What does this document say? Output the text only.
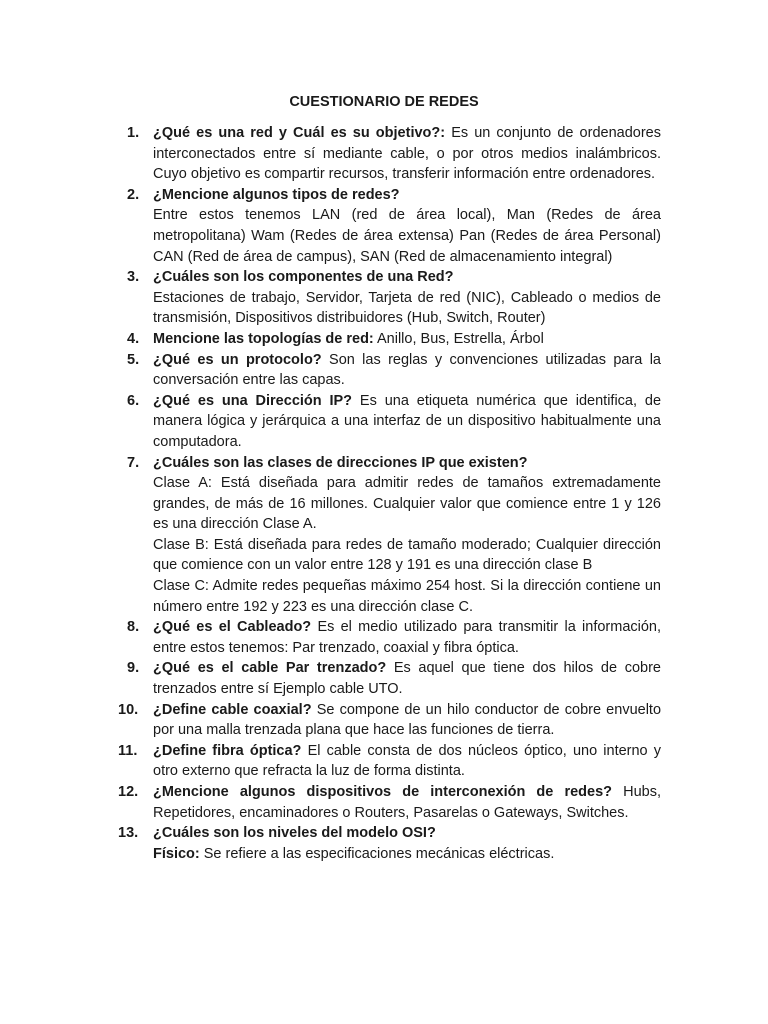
CUESTIONARIO DE REDES
1. ¿Qué es una red y Cuál es su objetivo?: Es un conjunto de ordenadores interconectados entre sí mediante cable, o por otros medios inalámbricos. Cuyo objetivo es compartir recursos, transferir información entre ordenadores.
2. ¿Mencione algunos tipos de redes?
Entre estos tenemos LAN (red de área local), Man (Redes de área metropolitana) Wam (Redes de área extensa) Pan (Redes de área Personal) CAN (Red de área de campus), SAN (Red de almacenamiento integral)
3. ¿Cuáles son los componentes de una Red?
Estaciones de trabajo, Servidor, Tarjeta de red (NIC), Cableado o medios de transmisión, Dispositivos distribuidores (Hub, Switch, Router)
4. Mencione las topologías de red: Anillo, Bus, Estrella, Árbol
5. ¿Qué es un protocolo? Son las reglas y convenciones utilizadas para la conversación entre las capas.
6. ¿Qué es una Dirección IP? Es una etiqueta numérica que identifica, de manera lógica y jerárquica a una interfaz de un dispositivo habitualmente una computadora.
7. ¿Cuáles son las clases de direcciones IP que existen?
Clase A: Está diseñada para admitir redes de tamaños extremadamente grandes, de más de 16 millones. Cualquier valor que comience entre 1 y 126 es una dirección Clase A.
Clase B: Está diseñada para redes de tamaño moderado; Cualquier dirección que comience con un valor entre 128 y 191 es una dirección clase B
Clase C: Admite redes pequeñas máximo 254 host. Si la dirección contiene un número entre 192 y 223 es una dirección clase C.
8. ¿Qué es el Cableado? Es el medio utilizado para transmitir la información, entre estos tenemos: Par trenzado, coaxial y fibra óptica.
9. ¿Qué es el cable Par trenzado? Es aquel que tiene dos hilos de cobre trenzados entre sí Ejemplo cable UTO.
10. ¿Define cable coaxial? Se compone de un hilo conductor de cobre envuelto por una malla trenzada plana que hace las funciones de tierra.
11. ¿Define fibra óptica? El cable consta de dos núcleos óptico, uno interno y otro externo que refracta la luz de forma distinta.
12. ¿Mencione algunos dispositivos de interconexión de redes? Hubs, Repetidores, encaminadores o Routers, Pasarelas o Gateways, Switches.
13. ¿Cuáles son los niveles del modelo OSI?
Físico: Se refiere a las especificaciones mecánicas eléctricas.
